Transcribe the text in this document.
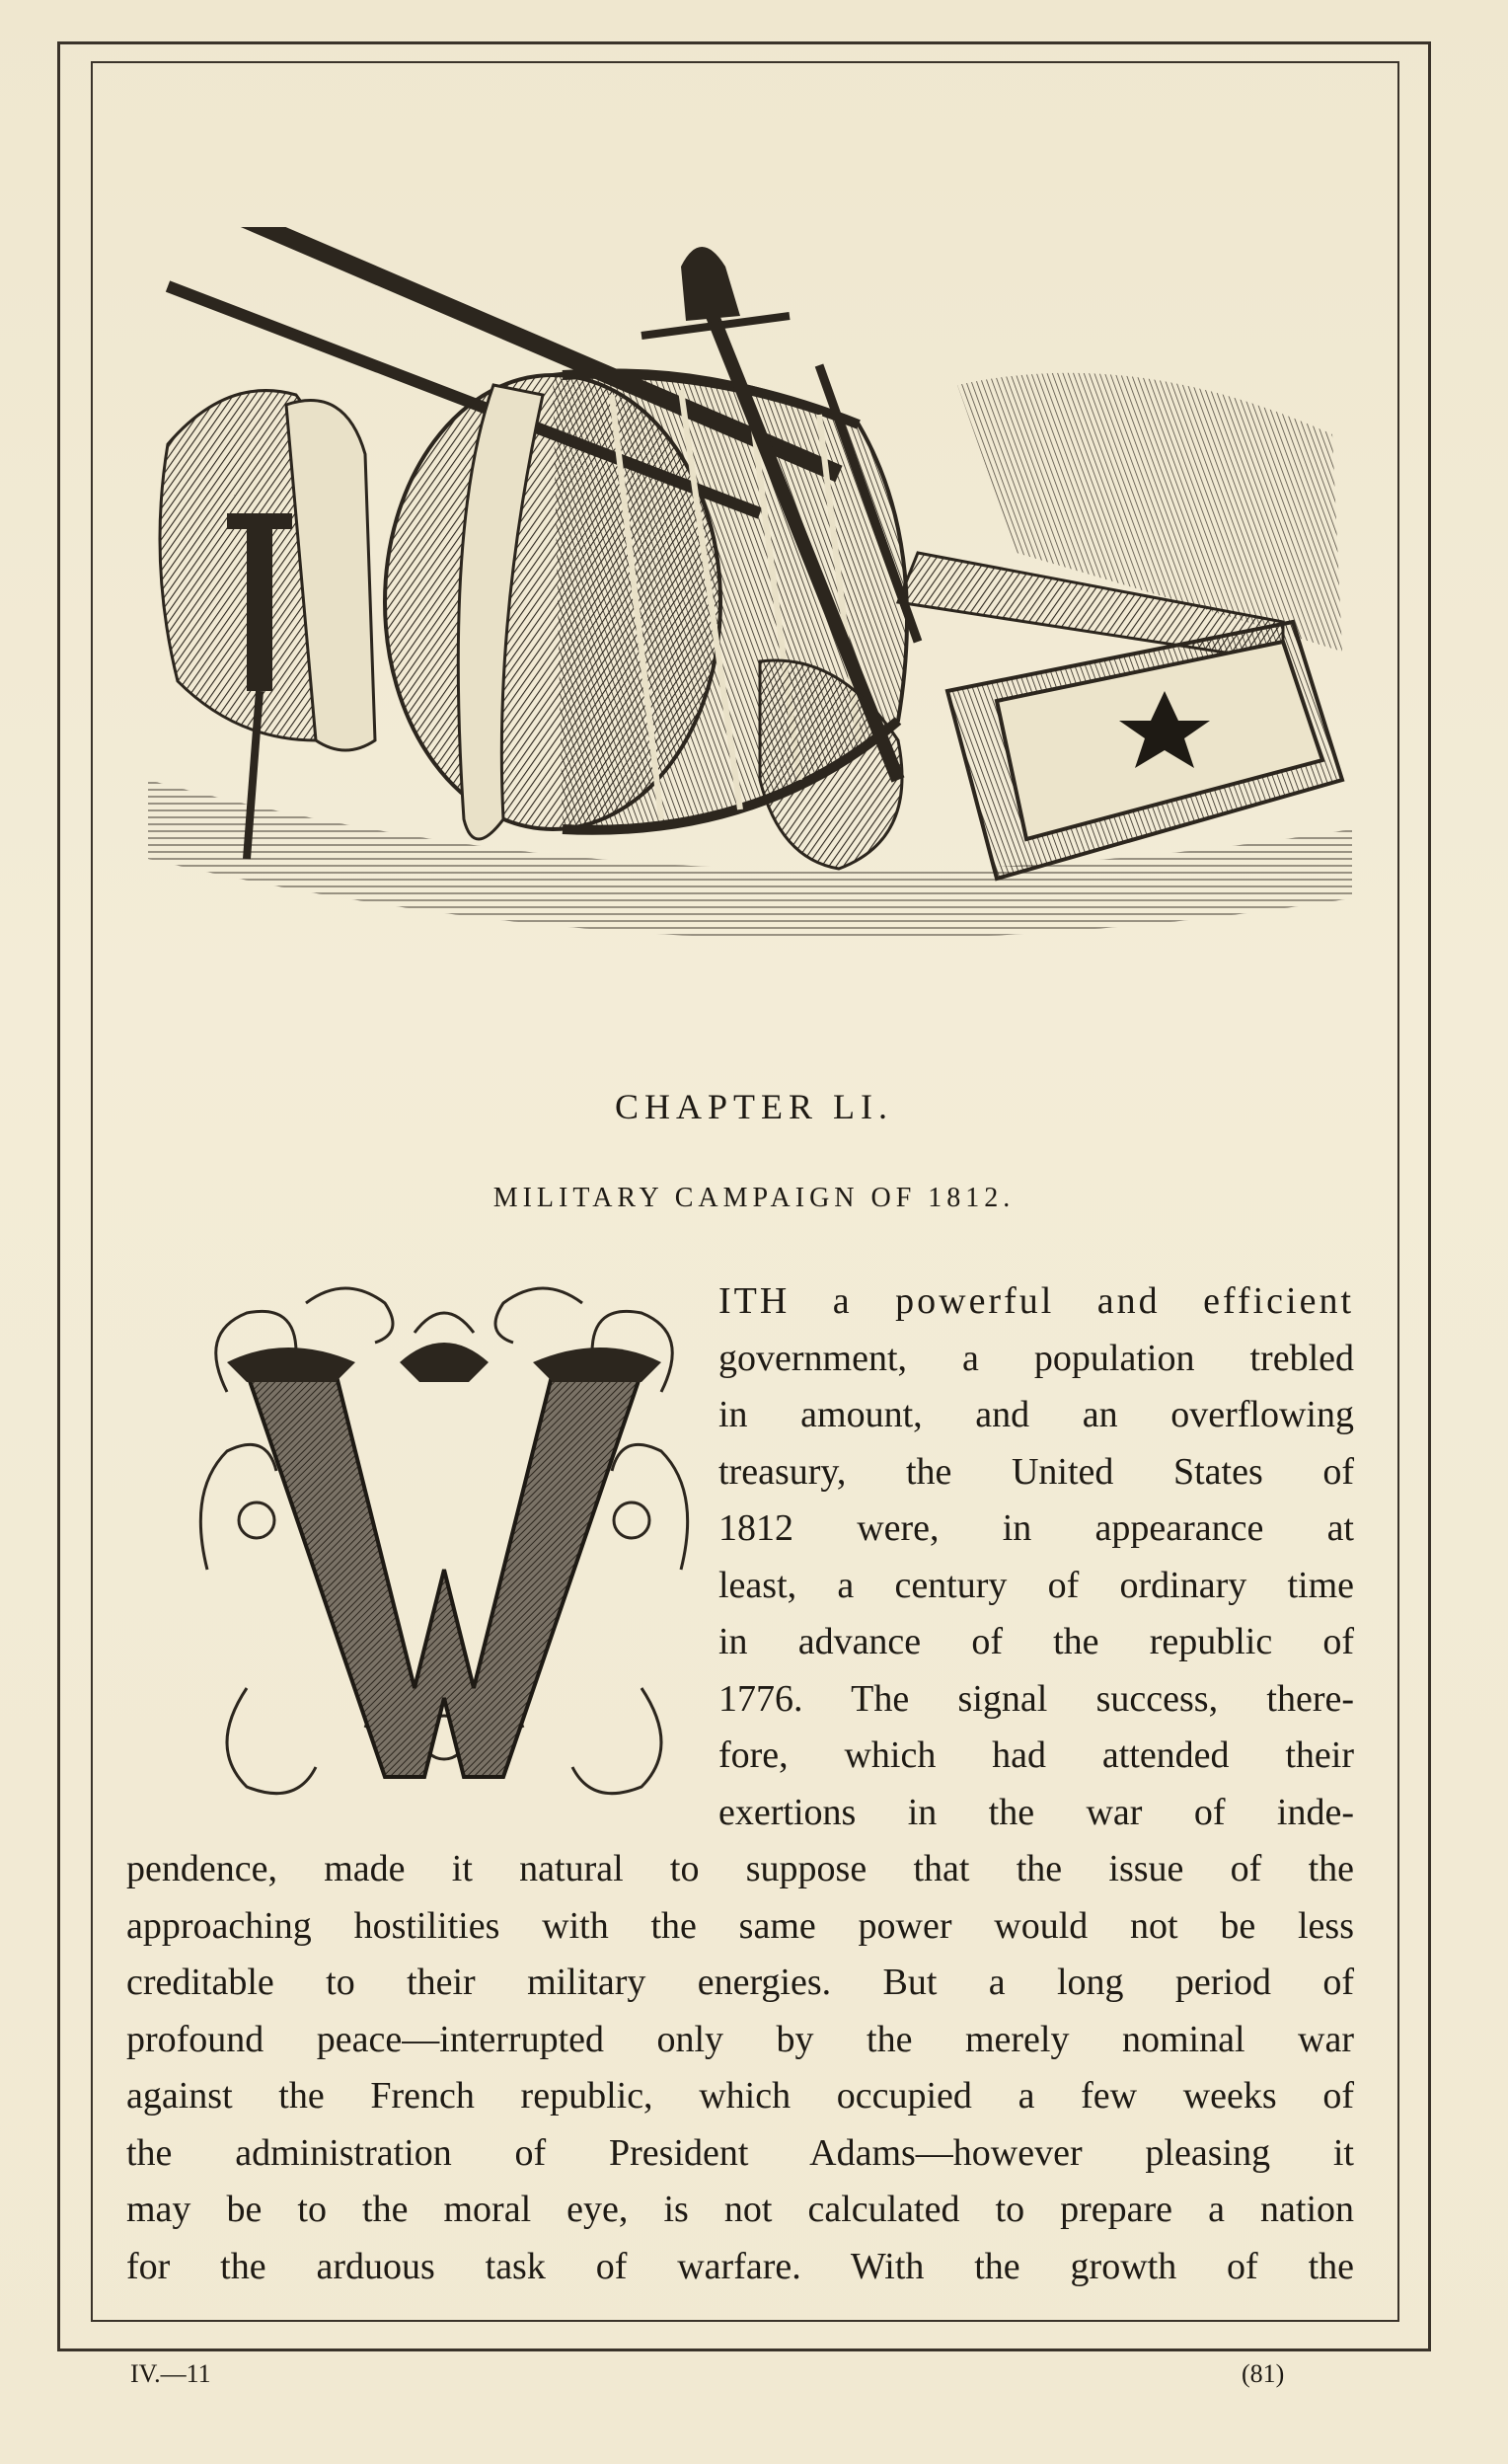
CHAPTER LI.
MILITARY CAMPAIGN OF 1812.
ITH a powerful and efficient
government, a population trebled
in amount, and an overflowing
treasury, the United States of
1812 were, in appearance at
least, a century of ordinary time
in advance of the republic of
1776. The signal success, there-
fore, which had attended their
exertions in the war of inde-
pendence, made it natural to suppose that the issue of the
approaching hostilities with the same power would not be less
creditable to their military energies. But a long period of
profound peace—interrupted only by the merely nominal war
against the French republic, which occupied a few weeks of
the administration of President Adams—however pleasing it
may be to the moral eye, is not calculated to prepare a nation
for the arduous task of warfare. With the growth of the
IV.—11	(81)
